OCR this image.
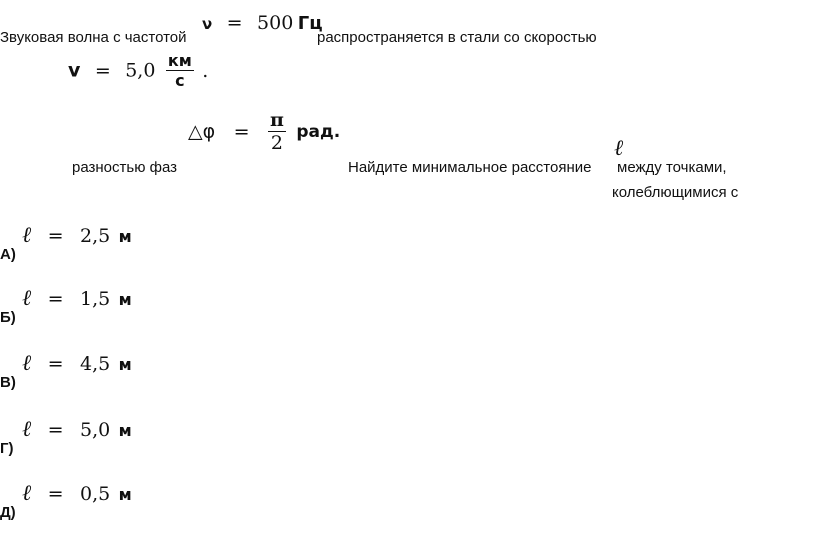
Звуковая волна с частотой
ν = 500 Гц
распространяется в стали со скоростью
$v = 5,0 \frac{км}{с}$ .
△φ = $\frac{\pi}{2}$ рад.
разностью фаз	Найдите минимальное расстояние
ℓ
между точками,
колеблющимися с
ℓ = 2,5 м
А)
ℓ = 1,5 м
Б)
ℓ = 4,5 м
В)
ℓ = 5,0 м
Г)
ℓ = 0,5 м
Д)
